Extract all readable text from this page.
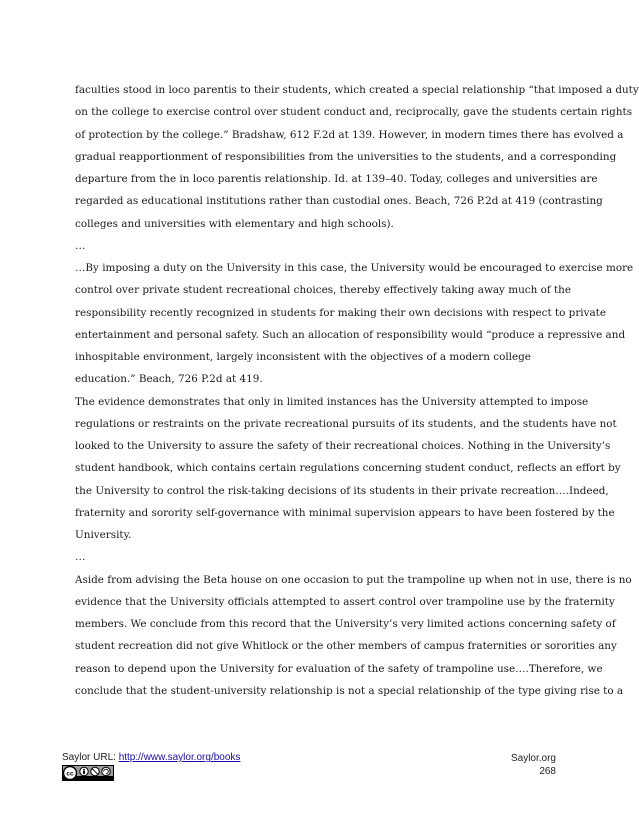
faculties stood in loco parentis to their students, which created a special relationship “that imposed a duty
on the college to exercise control over student conduct and, reciprocally, gave the students certain rights
of protection by the college.” Bradshaw, 612 F.2d at 139. However, in modern times there has evolved a
gradual reapportionment of responsibilities from the universities to the students, and a corresponding
departure from the in loco parentis relationship. Id. at 139–40. Today, colleges and universities are
regarded as educational institutions rather than custodial ones. Beach, 726 P.2d at 419 (contrasting
colleges and universities with elementary and high schools).
…
…By imposing a duty on the University in this case, the University would be encouraged to exercise more
control over private student recreational choices, thereby effectively taking away much of the
responsibility recently recognized in students for making their own decisions with respect to private
entertainment and personal safety. Such an allocation of responsibility would “produce a repressive and
inhospitable environment, largely inconsistent with the objectives of a modern college
education.” Beach, 726 P.2d at 419.
The evidence demonstrates that only in limited instances has the University attempted to impose
regulations or restraints on the private recreational pursuits of its students, and the students have not
looked to the University to assure the safety of their recreational choices. Nothing in the University’s
student handbook, which contains certain regulations concerning student conduct, reflects an effort by
the University to control the risk-taking decisions of its students in their private recreation….Indeed,
fraternity and sorority self-governance with minimal supervision appears to have been fostered by the
University.
…
Aside from advising the Beta house on one occasion to put the trampoline up when not in use, there is no
evidence that the University officials attempted to assert control over trampoline use by the fraternity
members. We conclude from this record that the University’s very limited actions concerning safety of
student recreation did not give Whitlock or the other members of campus fraternities or sororities any
reason to depend upon the University for evaluation of the safety of trampoline use….Therefore, we
conclude that the student-university relationship is not a special relationship of the type giving rise to a
Saylor URL: http://www.saylor.org/books	Saylor.org
268
cc
